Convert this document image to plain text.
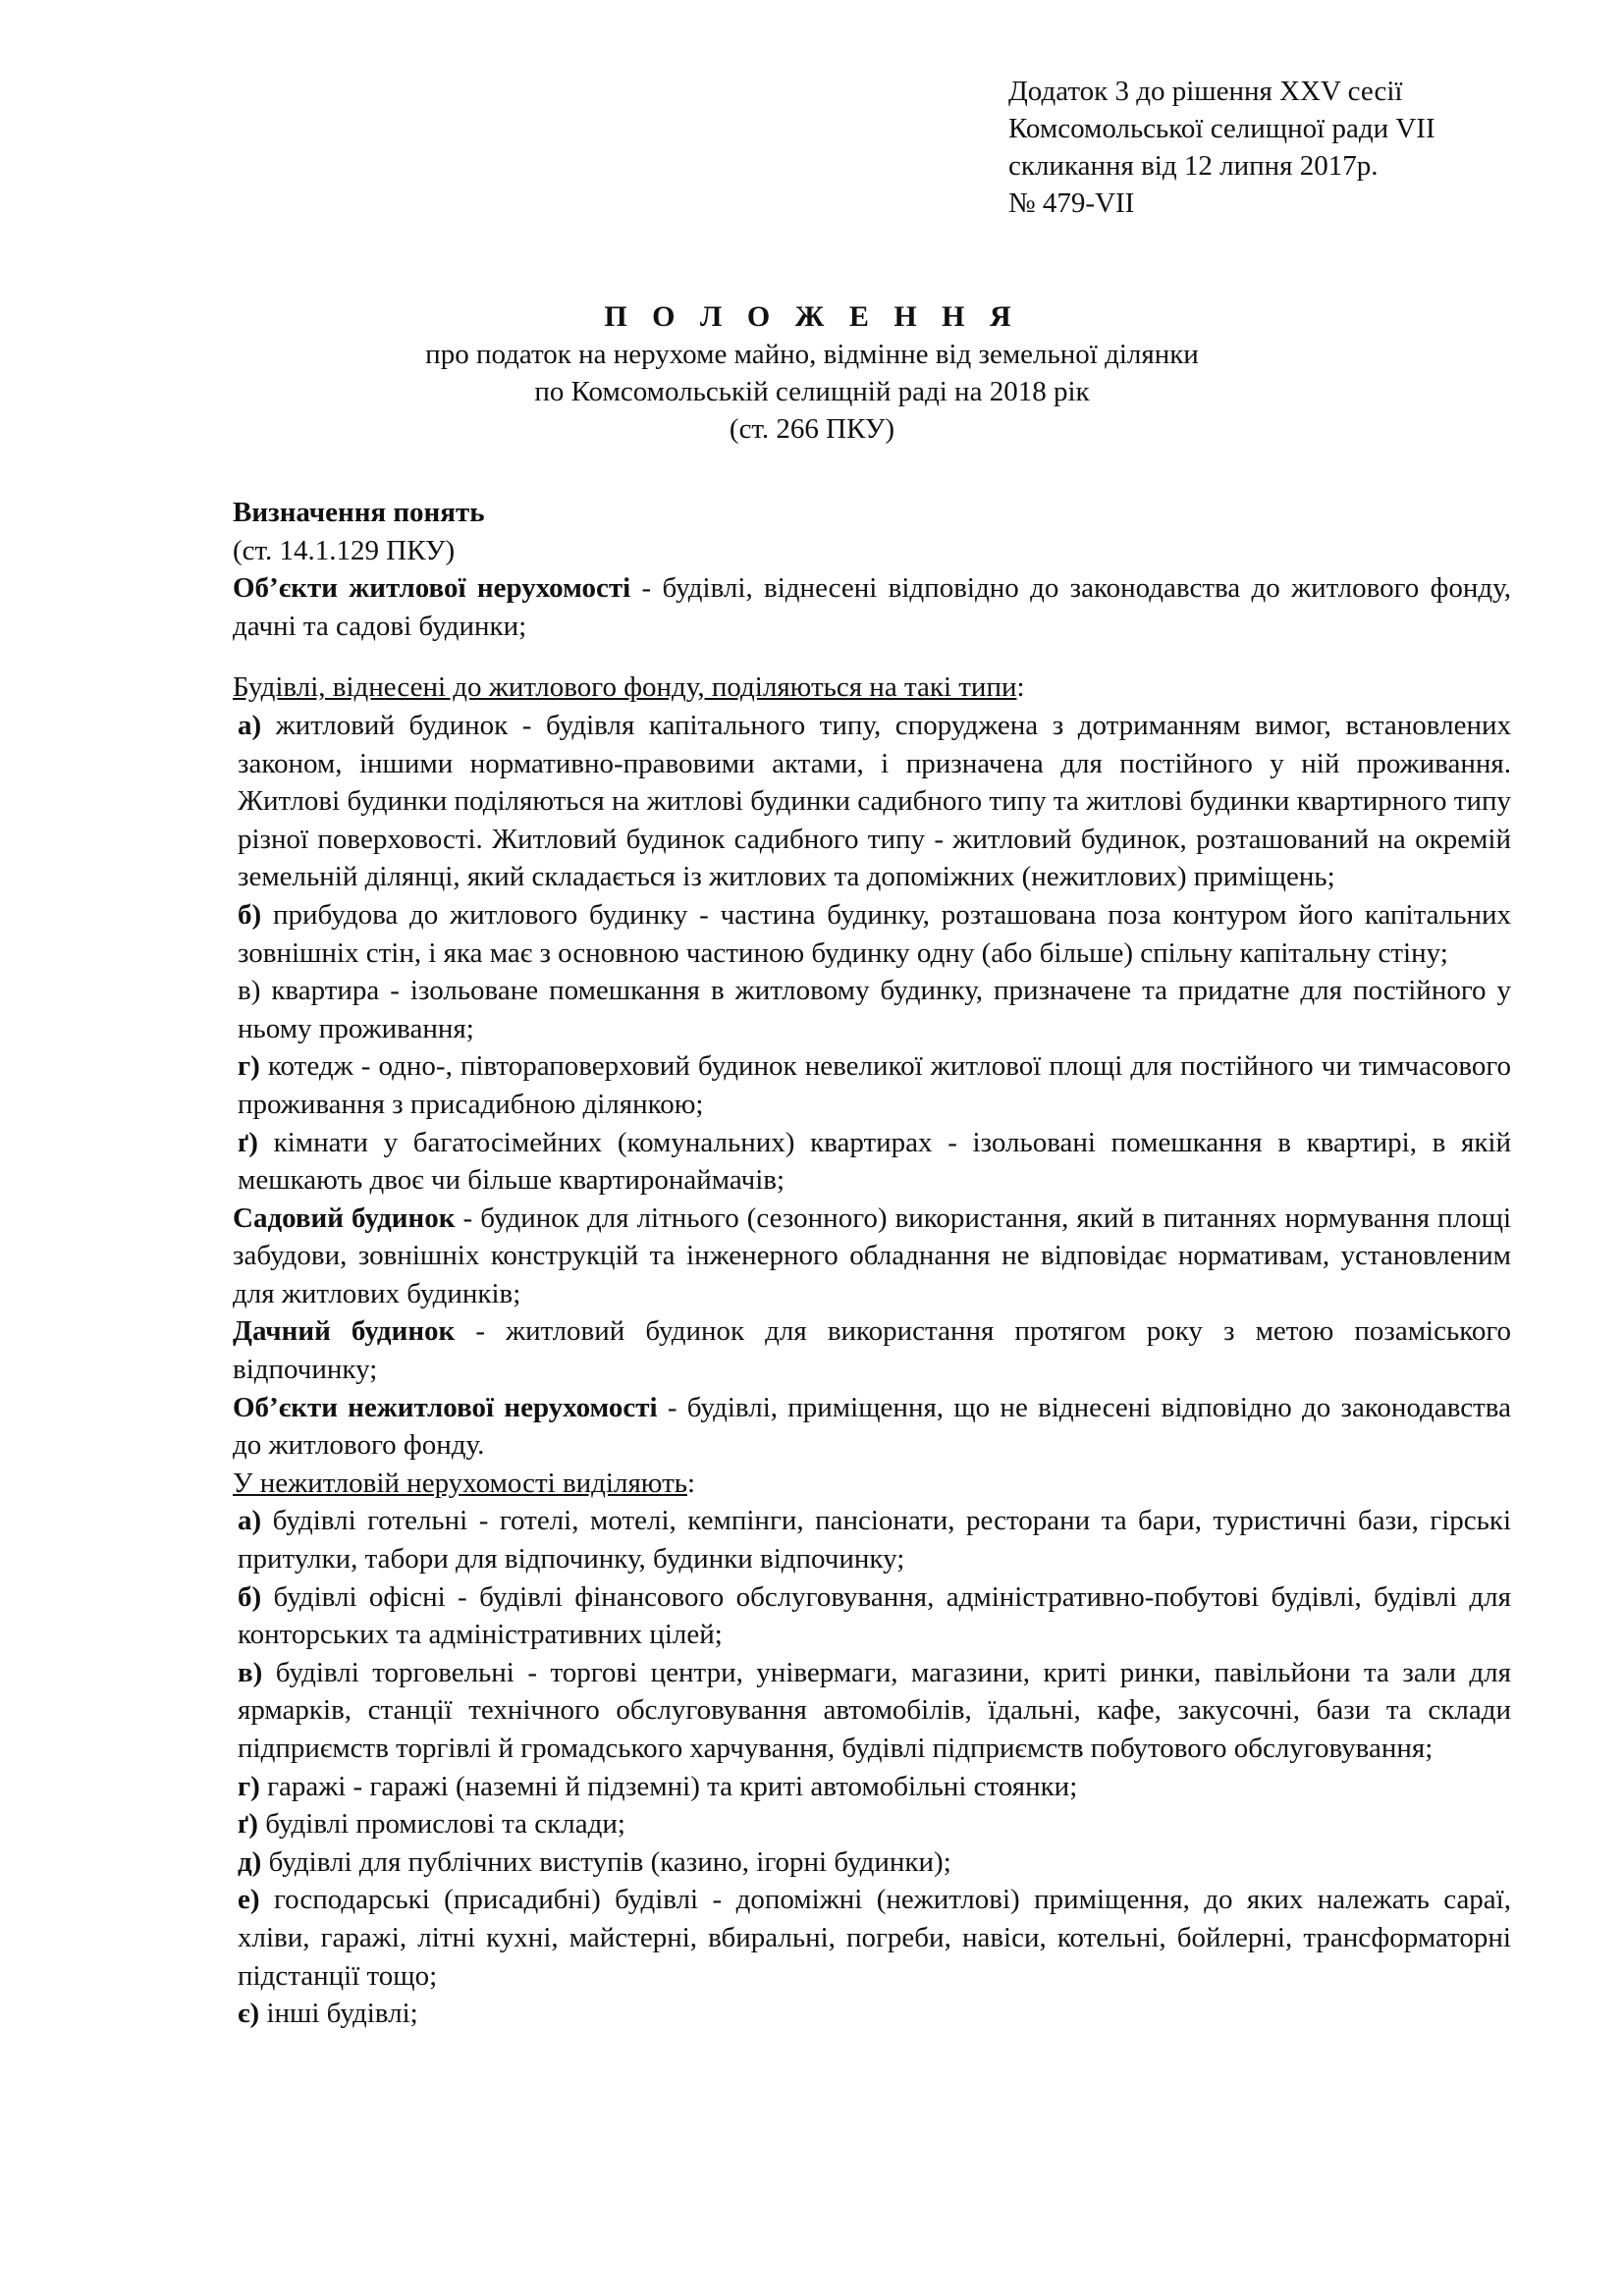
Додаток 3 до рішення XXV сесії
Комсомольської селищної ради VII
скликання від 12 липня 2017р.
№ 479-VII
П О Л О Ж Е Н Н Я
про податок на нерухоме майно, відмінне від земельної ділянки
по Комсомольській селищній раді на 2018 рік
(ст. 266 ПКУ)

Визначення понять

(ст. 14.1.129 ПКУ)

Об’єкти житлової нерухомості - будівлі, віднесені відповідно до законодавства до житлового фонду, дачні та садові будинки;

Будівлі, віднесені до житлового фонду, поділяються на такі типи:

а) житловий будинок - будівля капітального типу, споруджена з дотриманням вимог, встановлених законом, іншими нормативно-правовими актами, і призначена для постійного у ній проживання. Житлові будинки поділяються на житлові будинки садибного типу та житлові будинки квартирного типу різної поверховості. Житловий будинок садибного типу - житловий будинок, розташований на окремій земельній ділянці, який складається із житлових та допоміжних (нежитлових) приміщень;

б) прибудова до житлового будинку - частина будинку, розташована поза контуром його капітальних зовнішніх стін, і яка має з основною частиною будинку одну (або більше) спільну капітальну стіну;

в) квартира - ізольоване помешкання в житловому будинку, призначене та придатне для постійного у ньому проживання;

г) котедж - одно-, півтораповерховий будинок невеликої житлової площі для постійного чи тимчасового проживання з присадибною ділянкою;

ґ) кімнати у багатосімейних (комунальних) квартирах - ізольовані помешкання в квартирі, в якій мешкають двоє чи більше квартиронаймачів;

Садовий будинок - будинок для літнього (сезонного) використання, який в питаннях нормування площі забудови, зовнішніх конструкцій та інженерного обладнання не відповідає нормативам, установленим для житлових будинків;

Дачний будинок - житловий будинок для використання протягом року з метою позаміського відпочинку;

Об’єкти нежитлової нерухомості - будівлі, приміщення, що не віднесені відповідно до законодавства до житлового фонду.

У нежитловій нерухомості виділяють:

а) будівлі готельні - готелі, мотелі, кемпінги, пансіонати, ресторани та бари, туристичні бази, гірські притулки, табори для відпочинку, будинки відпочинку;

б) будівлі офісні - будівлі фінансового обслуговування, адміністративно-побутові будівлі, будівлі для конторських та адміністративних цілей;

в) будівлі торговельні - торгові центри, універмаги, магазини, криті ринки, павільйони та зали для ярмарків, станції технічного обслуговування автомобілів, їдальні, кафе, закусочні, бази та склади підприємств торгівлі й громадського харчування, будівлі підприємств побутового обслуговування;

г) гаражі - гаражі (наземні й підземні) та криті автомобільні стоянки;

ґ) будівлі промислові та склади;

д) будівлі для публічних виступів (казино, ігорні будинки);

е) господарські (присадибні) будівлі - допоміжні (нежитлові) приміщення, до яких належать сараї, хліви, гаражі, літні кухні, майстерні, вбиральні, погреби, навіси, котельні, бойлерні, трансформаторні підстанції тощо;

є) інші будівлі;
